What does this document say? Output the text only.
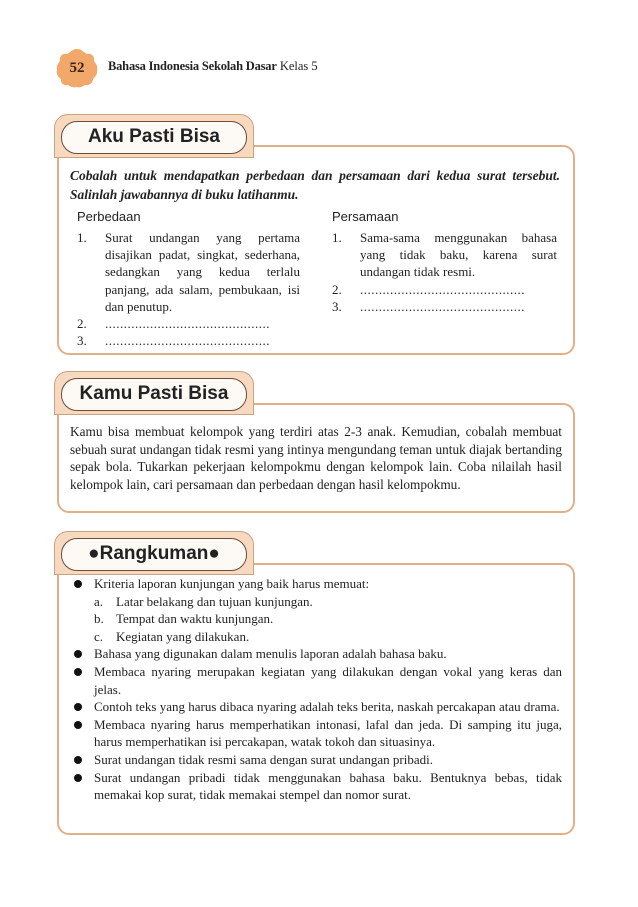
52	Bahasa Indonesia Sekolah Dasar Kelas 5
Aku Pasti Bisa

Cobalah untuk mendapatkan perbedaan dan persamaan dari kedua surat tersebut. Salinlah jawabannya di buku latihanmu.

Perbedaan
1. Surat undangan yang pertama disajikan padat, singkat, sederhana, sedangkan yang kedua terlalu panjang, ada salam, pembukaan, isi dan penutup.
2. ............................................
3. ............................................
Persamaan
1. Sama-sama menggunakan bahasa yang tidak baku, karena surat undangan tidak resmi.
2. ............................................
3. ............................................
Kamu Pasti Bisa

Kamu bisa membuat kelompok yang terdiri atas 2-3 anak. Kemudian, cobalah membuat sebuah surat undangan tidak resmi yang intinya mengundang teman untuk diajak bertanding sepak bola. Tukarkan pekerjaan kelompokmu dengan kelompok lain. Coba nilailah hasil kelompok lain, cari persamaan dan perbedaan dengan hasil kelompokmu.

●Rangkuman●
Kriteria laporan kunjungan yang baik harus memuat:
a. Latar belakang dan tujuan kunjungan.
b. Tempat dan waktu kunjungan.
c. Kegiatan yang dilakukan.
Bahasa yang digunakan dalam menulis laporan adalah bahasa baku.
Membaca nyaring merupakan kegiatan yang dilakukan dengan vokal yang keras dan jelas.
Contoh teks yang harus dibaca nyaring adalah teks berita, naskah percakapan atau drama.
Membaca nyaring harus memperhatikan intonasi, lafal dan jeda. Di samping itu juga, harus memperhatikan isi percakapan, watak tokoh dan situasinya.
Surat undangan tidak resmi sama dengan surat undangan pribadi.
Surat undangan pribadi tidak menggunakan bahasa baku. Bentuknya bebas, tidak memakai kop surat, tidak memakai stempel dan nomor surat.
